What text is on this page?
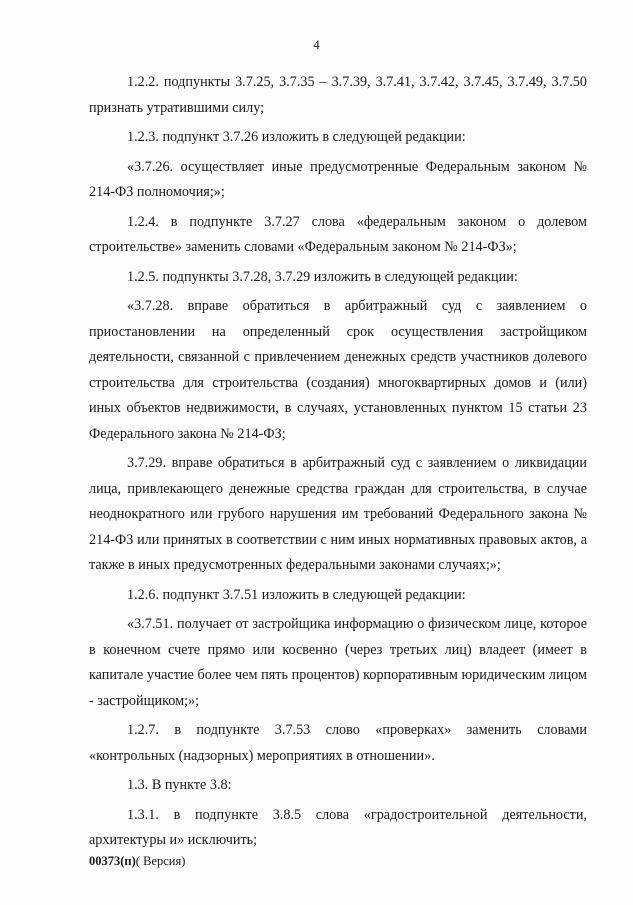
4

1.2.2. подпункты 3.7.25, 3.7.35 – 3.7.39, 3.7.41, 3.7.42, 3.7.45, 3.7.49, 3.7.50 признать утратившими силу;

1.2.3. подпункт 3.7.26 изложить в следующей редакции:

«3.7.26. осуществляет иные предусмотренные Федеральным законом № 214-ФЗ полномочия;»;

1.2.4. в подпункте 3.7.27 слова «федеральным законом о долевом строительстве» заменить словами «Федеральным законом № 214-ФЗ»;

1.2.5. подпункты 3.7.28, 3.7.29 изложить в следующей редакции:

«3.7.28. вправе обратиться в арбитражный суд с заявлением о приостановлении на определенный срок осуществления застройщиком деятельности, связанной с привлечением денежных средств участников долевого строительства для строительства (создания) многоквартирных домов и (или) иных объектов недвижимости, в случаях, установленных пунктом 15 статьи 23 Федерального закона № 214-ФЗ;

3.7.29. вправе обратиться в арбитражный суд с заявлением о ликвидации лица, привлекающего денежные средства граждан для строительства, в случае неоднократного или грубого нарушения им требований Федерального закона № 214-ФЗ или принятых в соответствии с ним иных нормативных правовых актов, а также в иных предусмотренных федеральными законами случаях;»;

1.2.6. подпункт 3.7.51 изложить в следующей редакции:

«3.7.51. получает от застройщика информацию о физическом лице, которое в конечном счете прямо или косвенно (через третьих лиц) владеет (имеет в капитале участие более чем пять процентов) корпоративным юридическим лицом - застройщиком;»;

1.2.7. в подпункте 3.7.53 слово «проверках» заменить словами «контрольных (надзорных) мероприятиях в отношении».

1.3. В пункте 3.8:

1.3.1. в подпункте 3.8.5 слова «градостроительной деятельности, архитектуры и» исключить;

00373(п)( Версия)
